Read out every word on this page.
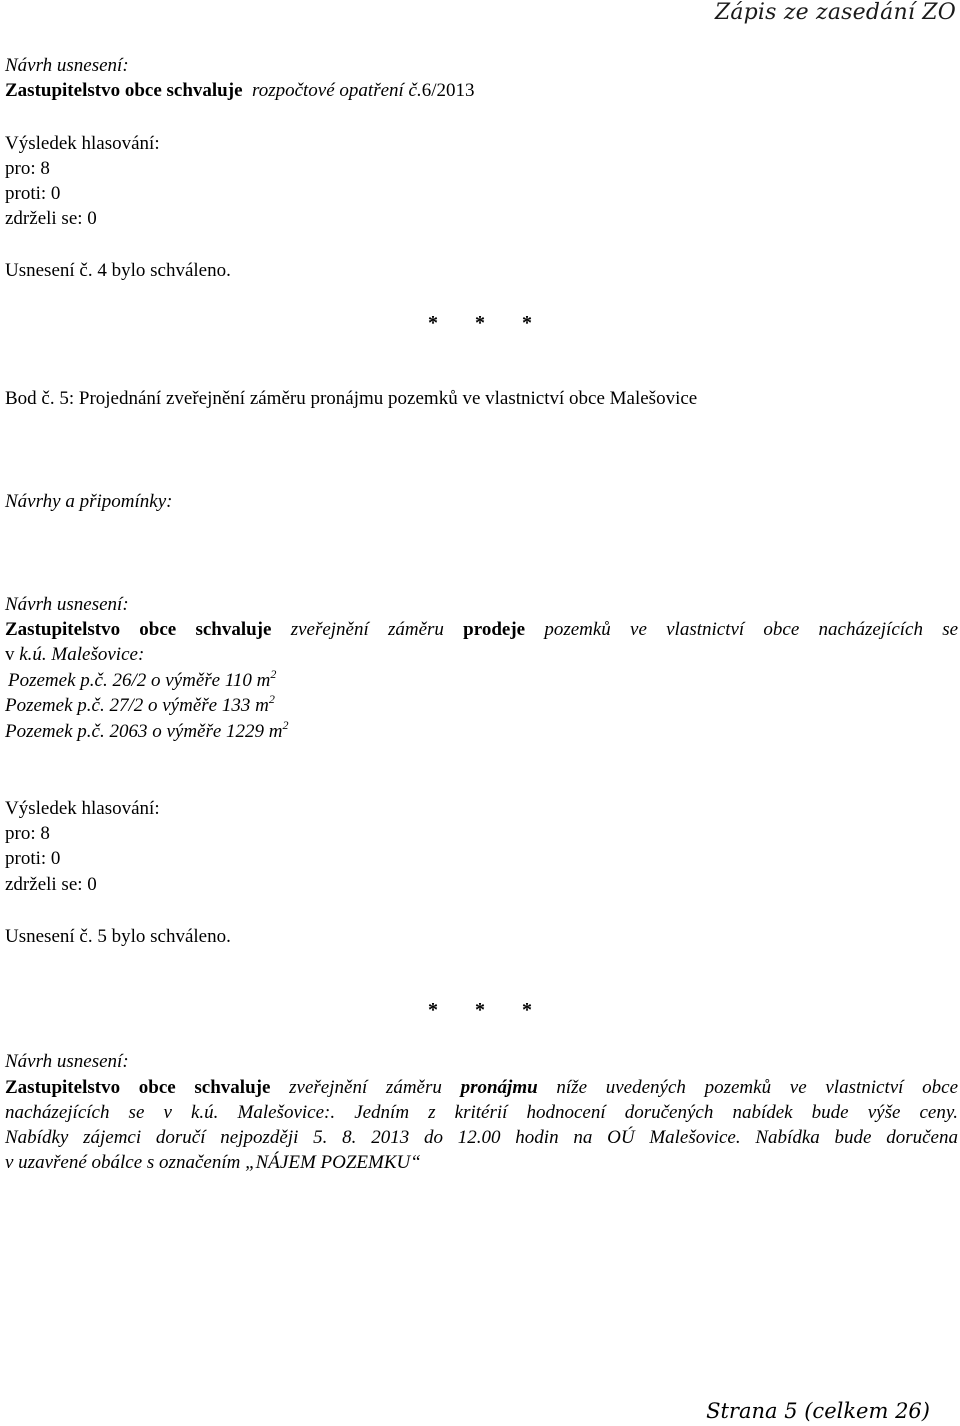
Zápis ze zasedání ZO
Návrh usnesení:
Zastupitelstvo obce schvaluje rozpočtové opatření č.6/2013
Výsledek hlasování:
pro: 8
proti: 0
zdrželi se: 0
Usnesení č. 4 bylo schváleno.
* * *
Bod č. 5: Projednání zveřejnění záměru pronájmu pozemků ve vlastnictví obce Malešovice
Návrhy a připomínky:
Návrh usnesení:
Zastupitelstvo obce schvaluje zveřejnění záměru prodeje pozemků ve vlastnictví obce nacházejících se
v k.ú. Malešovice:
Pozemek p.č. 26/2 o výměře 110 $m^2$
Pozemek p.č. 27/2 o výměře 133 $m^2$
Pozemek p.č. 2063 o výměře 1229 $m^2$
Výsledek hlasování:
pro: 8
proti: 0
zdrželi se: 0
Usnesení č. 5 bylo schváleno.
* * *
Návrh usnesení:
Zastupitelstvo obce schvaluje zveřejnění záměru pronájmu níže uvedených pozemků ve vlastnictví obce
nacházejících se v k.ú. Malešovice:. Jedním z kritérií hodnocení doručených nabídek bude výše ceny.
Nabídky zájemci doručí nejpozději 5. 8. 2013 do 12.00 hodin na OÚ Malešovice. Nabídka bude doručena
v uzavřené obálce s označením „NÁJEM POZEMKU“
Strana 5 (celkem 26)
